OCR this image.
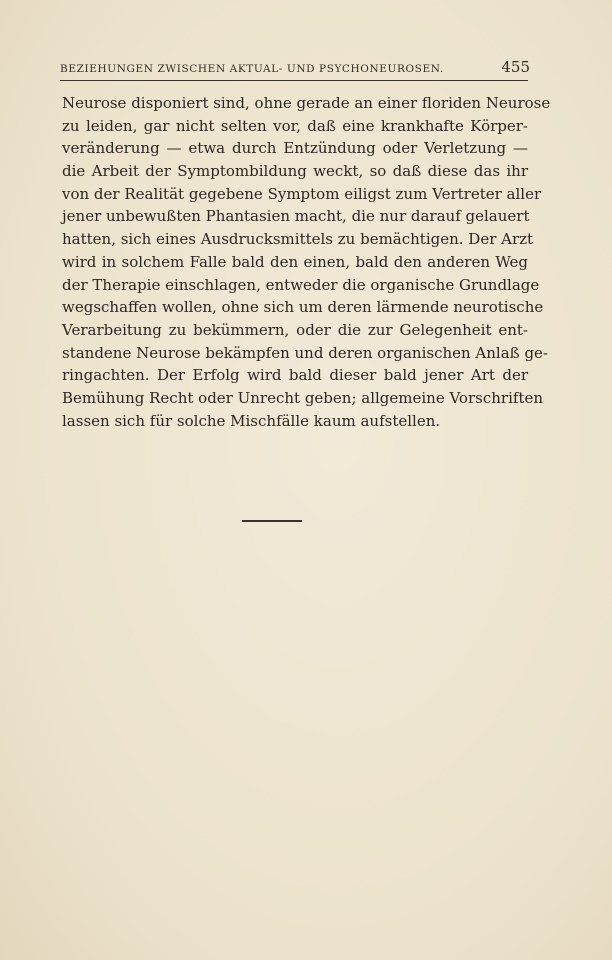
BEZIEHUNGEN ZWISCHEN AKTUAL- UND PSYCHONEUROSEN.	455
Neurose disponiert sind, ohne gerade an einer floriden Neurose
zu leiden, gar nicht selten vor, daß eine krankhafte Körper-
veränderung — etwa durch Entzündung oder Verletzung —
die Arbeit der Symptombildung weckt, so daß diese das ihr
von der Realität gegebene Symptom eiligst zum Vertreter aller
jener unbewußten Phantasien macht, die nur darauf gelauert
hatten, sich eines Ausdrucksmittels zu bemächtigen. Der Arzt
wird in solchem Falle bald den einen, bald den anderen Weg
der Therapie einschlagen, entweder die organische Grundlage
wegschaffen wollen, ohne sich um deren lärmende neurotische
Verarbeitung zu bekümmern, oder die zur Gelegenheit ent-
standene Neurose bekämpfen und deren organischen Anlaß ge-
ringachten. Der Erfolg wird bald dieser bald jener Art der
Bemühung Recht oder Unrecht geben; allgemeine Vorschriften
lassen sich für solche Mischfälle kaum aufstellen.
